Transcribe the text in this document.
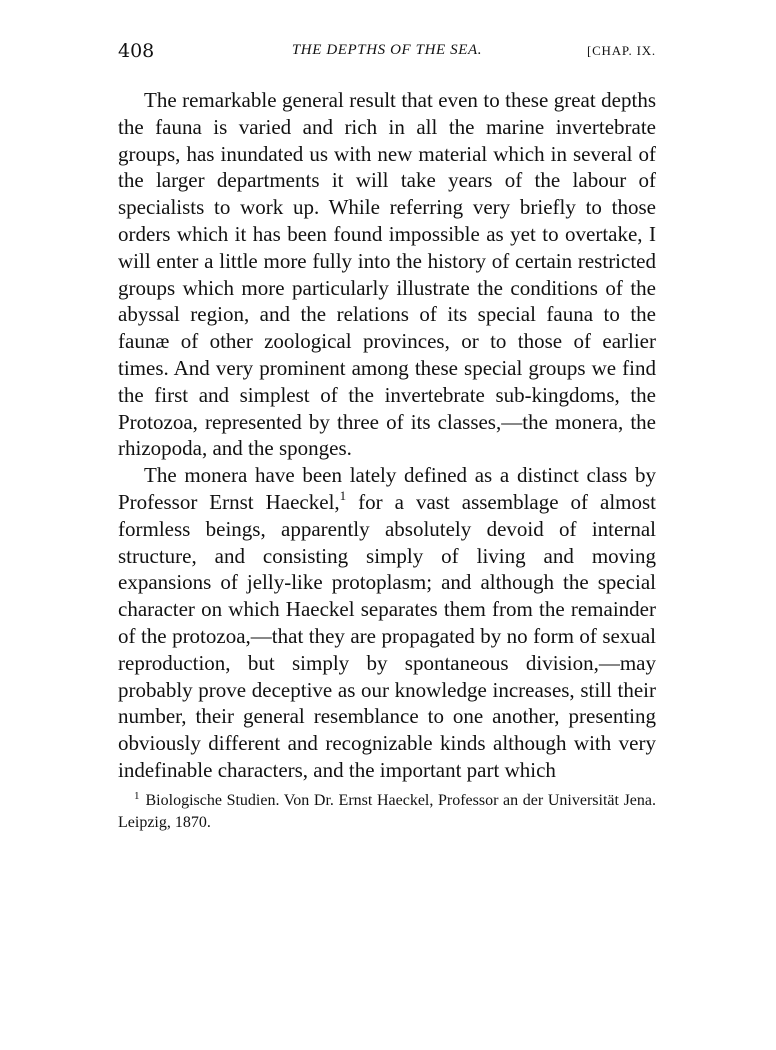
408	THE DEPTHS OF THE SEA.	[CHAP. IX.

The remarkable general result that even to these great depths the fauna is varied and rich in all the marine invertebrate groups, has inundated us with new material which in several of the larger departments it will take years of the labour of specialists to work up. While referring very briefly to those orders which it has been found impossible as yet to overtake, I will enter a little more fully into the history of certain restricted groups which more particularly illustrate the conditions of the abyssal region, and the relations of its special fauna to the faunæ of other zoological provinces, or to those of earlier times. And very prominent among these special groups we find the first and simplest of the invertebrate sub-kingdoms, the Protozoa, represented by three of its classes,—the monera, the rhizopoda, and the sponges.

The monera have been lately defined as a distinct class by Professor Ernst Haeckel,$^1$ for a vast assemblage of almost formless beings, apparently absolutely devoid of internal structure, and consisting simply of living and moving expansions of jelly-like protoplasm; and although the special character on which Haeckel separates them from the remainder of the protozoa,—that they are propagated by no form of sexual reproduction, but simply by spontaneous division,—may probably prove deceptive as our knowledge increases, still their number, their general resemblance to one another, presenting obviously different and recognizable kinds although with very indefinable characters, and the important part which

$^1$ Biologische Studien. Von Dr. Ernst Haeckel, Professor an der Universität Jena. Leipzig, 1870.
